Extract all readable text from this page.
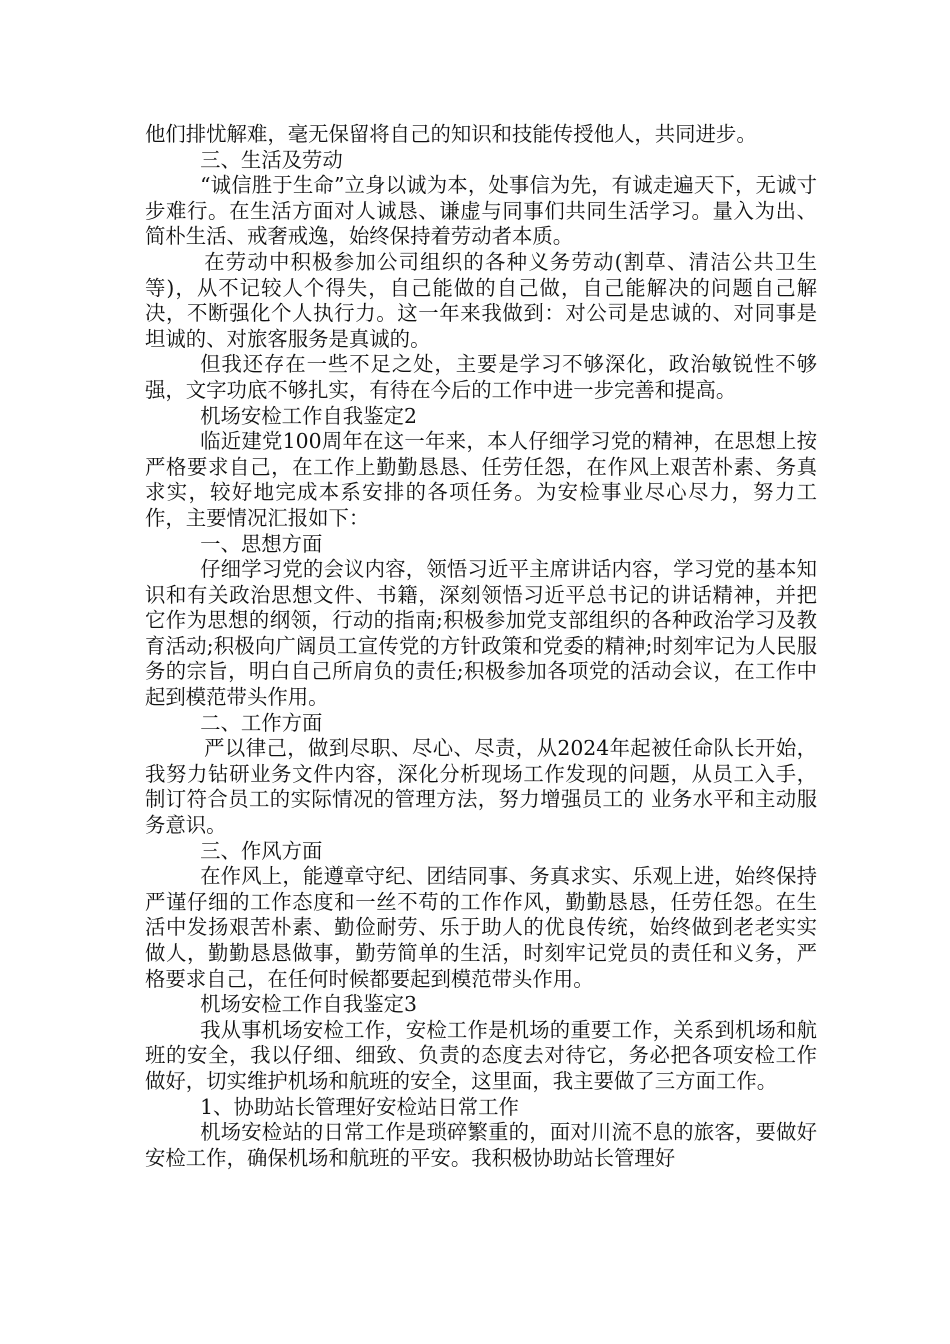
他们排忧解难，毫无保留将自己的知识和技能传授他人，共同进步。

三、生活及劳动

“诚信胜于生命”立身以诚为本，处事信为先，有诚走遍天下，无诚寸步难行。在生活方面对人诚恳、谦虚与同事们共同生活学习。量入为出、简朴生活、戒奢戒逸，始终保持着劳动者本质。

在劳动中积极参加公司组织的各种义务劳动(割草、清洁公共卫生等)，从不记较人个得失，自己能做的自己做，自己能解决的问题自己解决，不断强化个人执行力。这一年来我做到：对公司是忠诚的、对同事是坦诚的、对旅客服务是真诚的。

但我还存在一些不足之处，主要是学习不够深化，政治敏锐性不够强，文字功底不够扎实，有待在今后的工作中进一步完善和提高。

机场安检工作自我鉴定2

临近建党100周年在这一年来，本人仔细学习党的精神，在思想上按严格要求自己，在工作上勤勤恳恳、任劳任怨，在作风上艰苦朴素、务真求实，较好地完成本系安排的各项任务。为安检事业尽心尽力，努力工作，主要情况汇报如下：

一、思想方面

仔细学习党的会议内容，领悟习近平主席讲话内容，学习党的基本知识和有关政治思想文件、书籍，深刻领悟习近平总书记的讲话精神，并把它作为思想的纲领，行动的指南;积极参加党支部组织的各种政治学习及教育活动;积极向广阔员工宣传党的方针政策和党委的精神;时刻牢记为人民服务的宗旨，明白自己所肩负的责任;积极参加各项党的活动会议，在工作中起到模范带头作用。

二、工作方面

严以律己，做到尽职、尽心、尽责，从2024年起被任命队长开始，我努力钻研业务文件内容，深化分析现场工作发现的问题，从员工入手，制订符合员工的实际情况的管理方法，努力增强员工的 业务水平和主动服务意识。

三、作风方面

在作风上，能遵章守纪、团结同事、务真求实、乐观上进，始终保持严谨仔细的工作态度和一丝不苟的工作作风，勤勤恳恳，任劳任怨。在生活中发扬艰苦朴素、勤俭耐劳、乐于助人的优良传统，始终做到老老实实做人，勤勤恳恳做事，勤劳简单的生活，时刻牢记党员的责任和义务，严格要求自己，在任何时候都要起到模范带头作用。

机场安检工作自我鉴定3

我从事机场安检工作，安检工作是机场的重要工作，关系到机场和航班的安全，我以仔细、细致、负责的态度去对待它，务必把各项安检工作做好，切实维护机场和航班的安全，这里面，我主要做了三方面工作。

1、协助站长管理好安检站日常工作

机场安检站的日常工作是琐碎繁重的，面对川流不息的旅客，要做好安检工作，确保机场和航班的平安。我积极协助站长管理好
